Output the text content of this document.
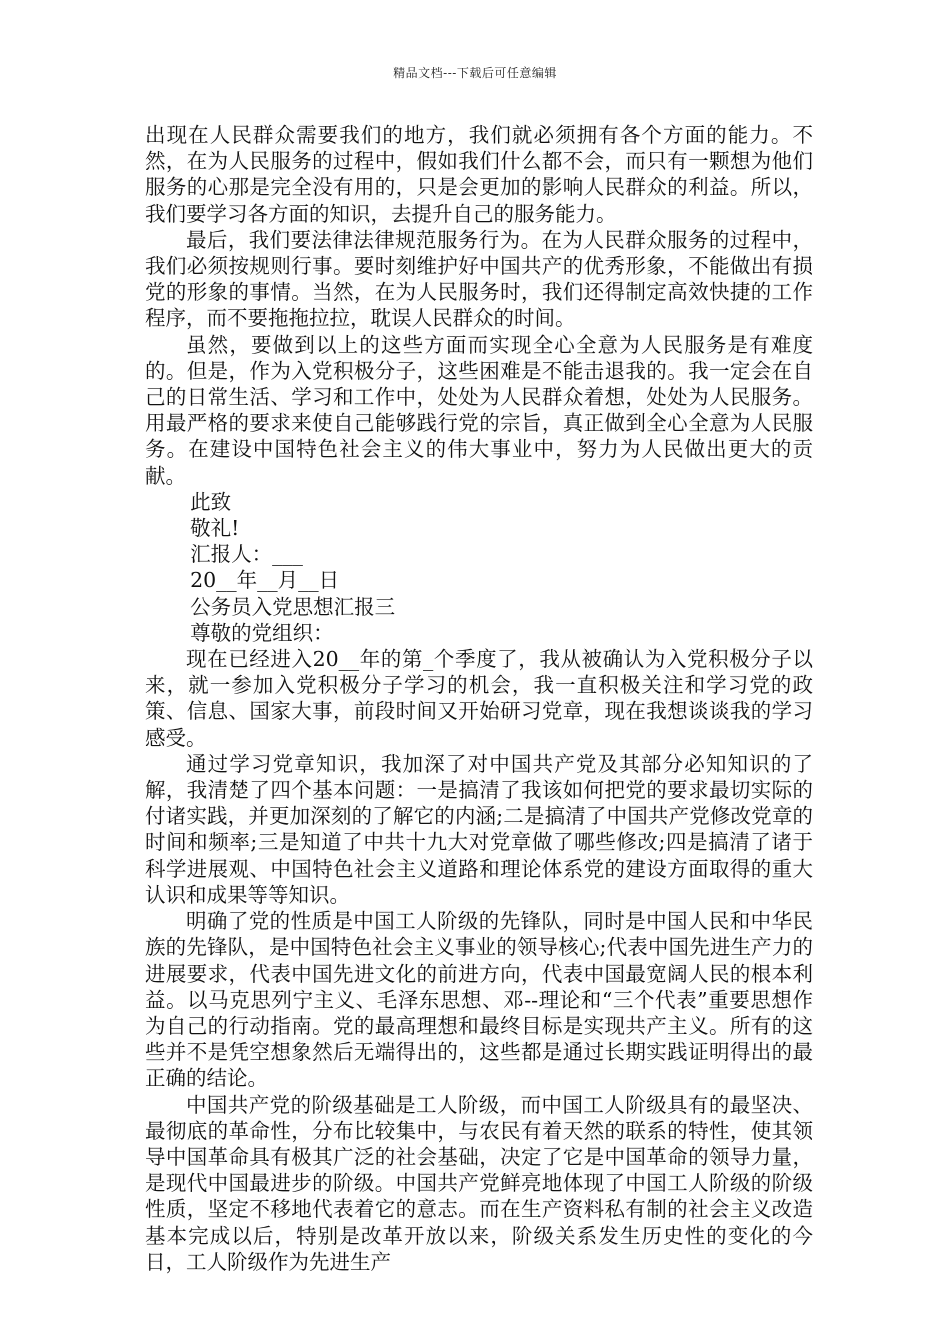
精品文档---下载后可任意编辑

出现在人民群众需要我们的地方，我们就必须拥有各个方面的能力。不然，在为人民服务的过程中，假如我们什么都不会，而只有一颗想为他们服务的心那是完全没有用的，只是会更加的影响人民群众的利益。所以，我们要学习各方面的知识，去提升自己的服务能力。

最后，我们要法律法律规范服务行为。在为人民群众服务的过程中，我们必须按规则行事。要时刻维护好中国共产的优秀形象，不能做出有损党的形象的事情。当然，在为人民服务时，我们还得制定高效快捷的工作程序，而不要拖拖拉拉，耽误人民群众的时间。

虽然，要做到以上的这些方面而实现全心全意为人民服务是有难度的。但是，作为入党积极分子，这些困难是不能击退我的。我一定会在自己的日常生活、学习和工作中，处处为人民群众着想，处处为人民服务。用最严格的要求来使自己能够践行党的宗旨，真正做到全心全意为人民服务。在建设中国特色社会主义的伟大事业中，努力为人民做出更大的贡献。

此致

敬礼!

汇报人：___

20__年__月__日

公务员入党思想汇报三

尊敬的党组织：

现在已经进入20__年的第_个季度了，我从被确认为入党积极分子以来，就一参加入党积极分子学习的机会，我一直积极关注和学习党的政策、信息、国家大事，前段时间又开始研习党章，现在我想谈谈我的学习感受。

通过学习党章知识，我加深了对中国共产党及其部分必知知识的了解，我清楚了四个基本问题：一是搞清了我该如何把党的要求最切实际的付诸实践，并更加深刻的了解它的内涵;二是搞清了中国共产党修改党章的时间和频率;三是知道了中共十九大对党章做了哪些修改;四是搞清了诸于科学进展观、中国特色社会主义道路和理论体系党的建设方面取得的重大认识和成果等等知识。

明确了党的性质是中国工人阶级的先锋队，同时是中国人民和中华民族的先锋队，是中国特色社会主义事业的领导核心;代表中国先进生产力的进展要求，代表中国先进文化的前进方向，代表中国最宽阔人民的根本利益。以马克思列宁主义、毛泽东思想、邓--理论和“三个代表”重要思想作为自己的行动指南。党的最高理想和最终目标是实现共产主义。所有的这些并不是凭空想象然后无端得出的，这些都是通过长期实践证明得出的最正确的结论。

中国共产党的阶级基础是工人阶级，而中国工人阶级具有的最坚决、最彻底的革命性，分布比较集中，与农民有着天然的联系的特性，使其领导中国革命具有极其广泛的社会基础，决定了它是中国革命的领导力量，是现代中国最进步的阶级。中国共产党鲜亮地体现了中国工人阶级的阶级性质，坚定不移地代表着它的意志。而在生产资料私有制的社会主义改造基本完成以后，特别是改革开放以来，阶级关系发生历史性的变化的今日，工人阶级作为先进生产
